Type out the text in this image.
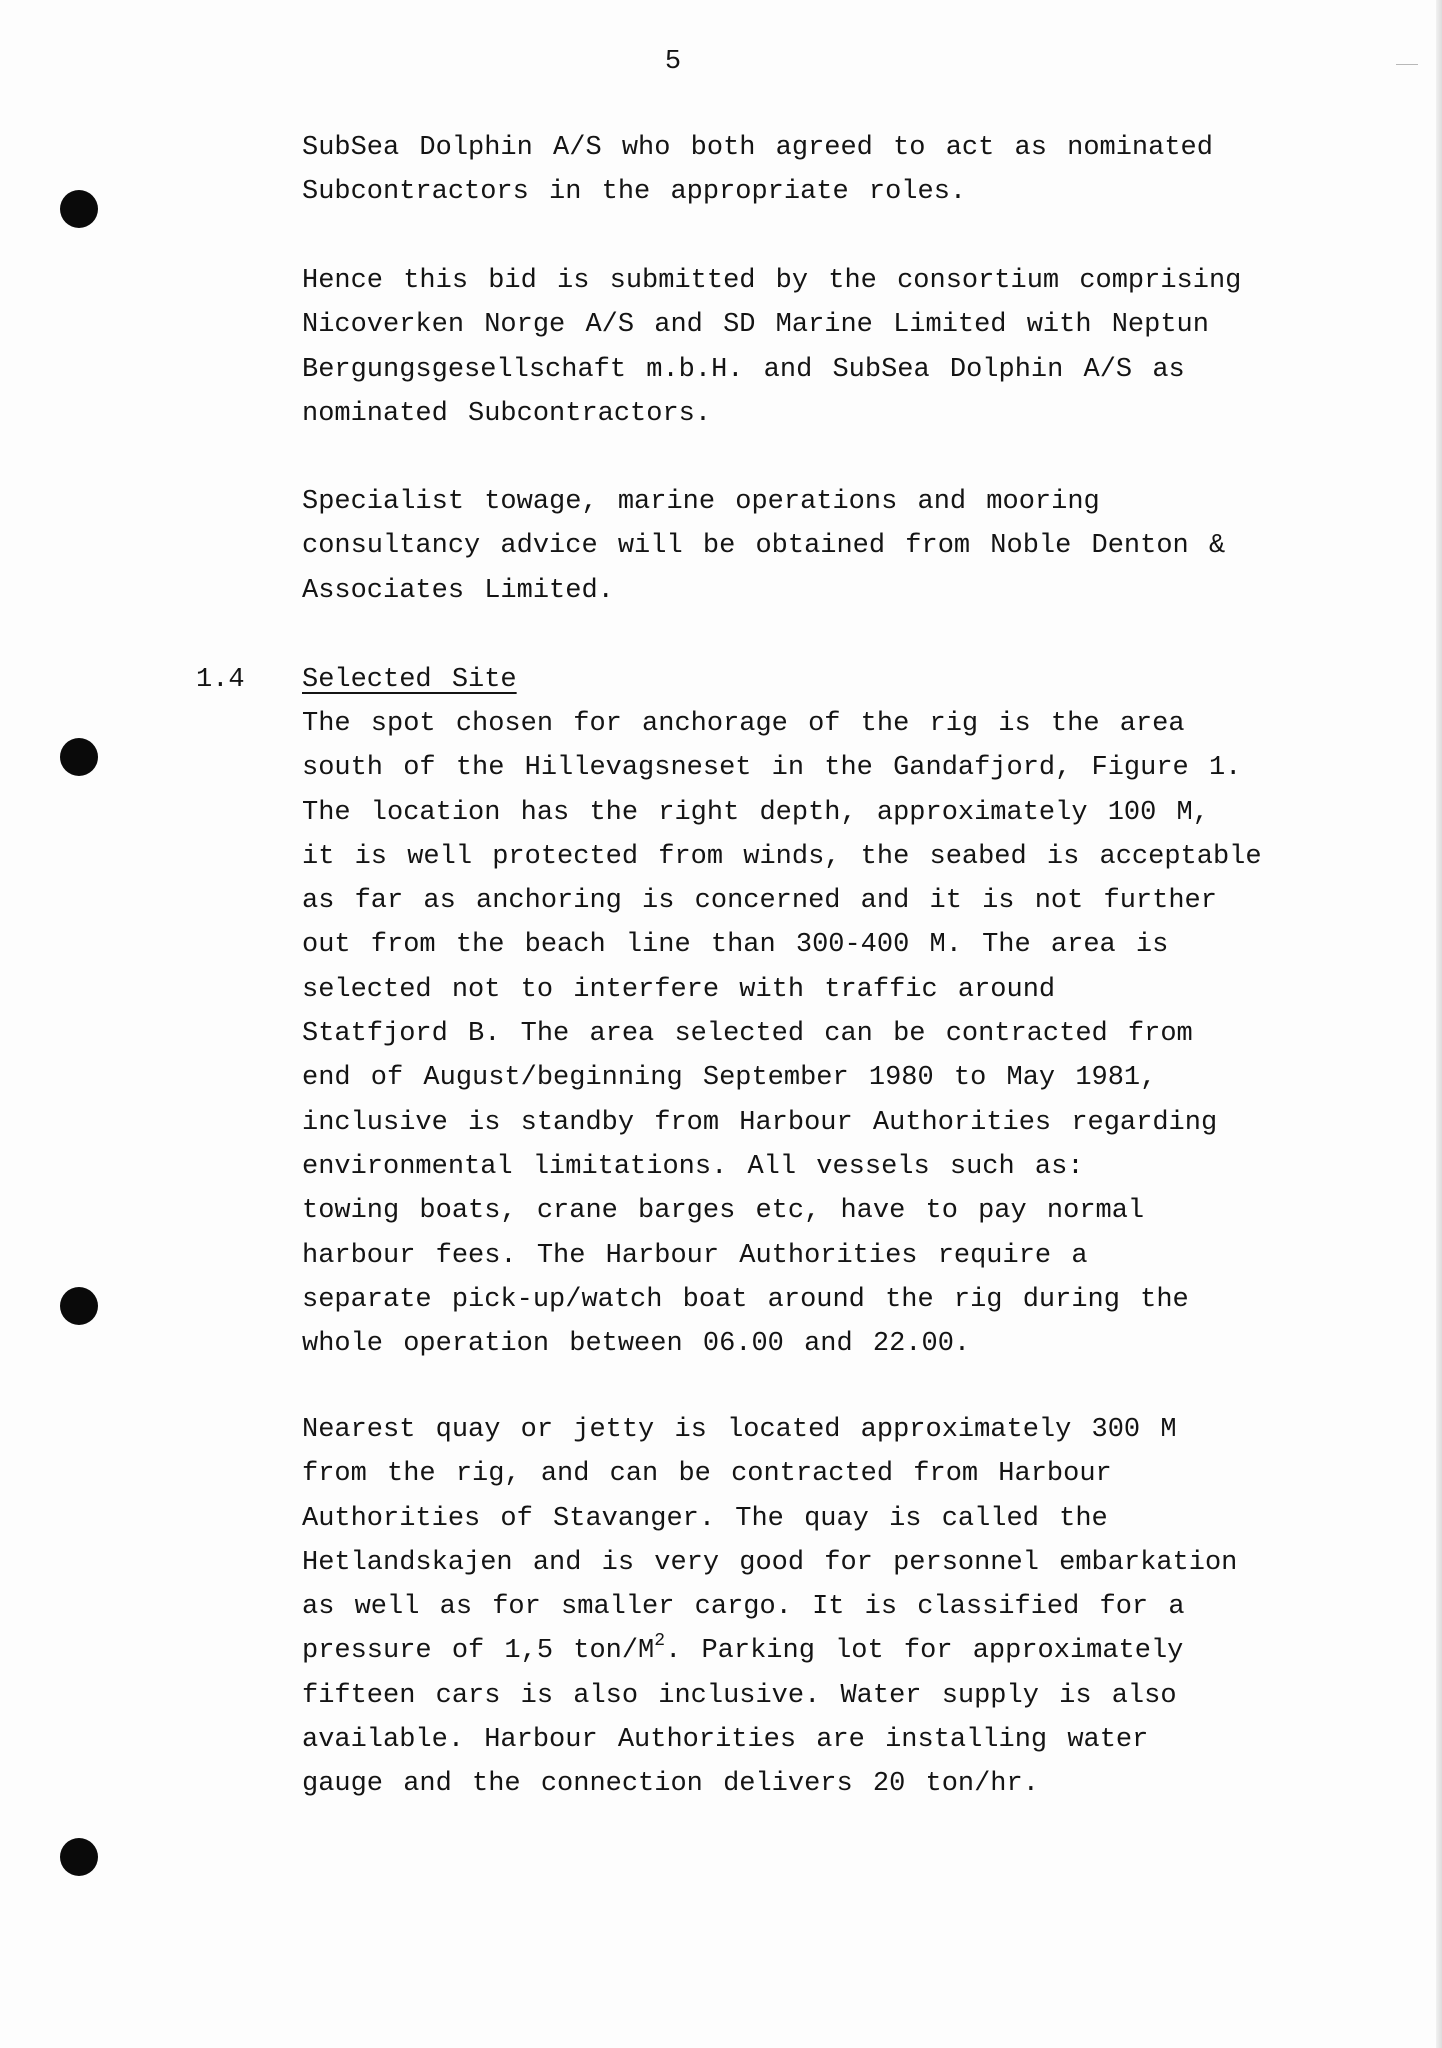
5
SubSea Dolphin A/S who both agreed to act as nominated
Subcontractors in the appropriate roles.
Hence this bid is submitted by the consortium comprising
Nicoverken Norge A/S and SD Marine Limited with Neptun
Bergungsgesellschaft m.b.H. and SubSea Dolphin A/S as
nominated Subcontractors.
Specialist towage, marine operations and mooring
consultancy advice will be obtained from Noble Denton &
Associates Limited.
1.4 Selected Site
The spot chosen for anchorage of the rig is the area
south of the Hillevagsneset in the Gandafjord, Figure 1.
The location has the right depth, approximately 100 M,
it is well protected from winds, the seabed is acceptable
as far as anchoring is concerned and it is not further
out from the beach line than 300-400 M. The area is
selected not to interfere with traffic around
Statfjord B. The area selected can be contracted from
end of August/beginning September 1980 to May 1981,
inclusive is standby from Harbour Authorities regarding
environmental limitations. All vessels such as:
towing boats, crane barges etc, have to pay normal
harbour fees. The Harbour Authorities require a
separate pick-up/watch boat around the rig during the
whole operation between 06.00 and 22.00.
Nearest quay or jetty is located approximately 300 M
from the rig, and can be contracted from Harbour
Authorities of Stavanger. The quay is called the
Hetlandskajen and is very good for personnel embarkation
as well as for smaller cargo. It is classified for a
pressure of 1,5 ton/$M^2$. Parking lot for approximately
fifteen cars is also inclusive. Water supply is also
available. Harbour Authorities are installing water
gauge and the connection delivers 20 ton/hr.
